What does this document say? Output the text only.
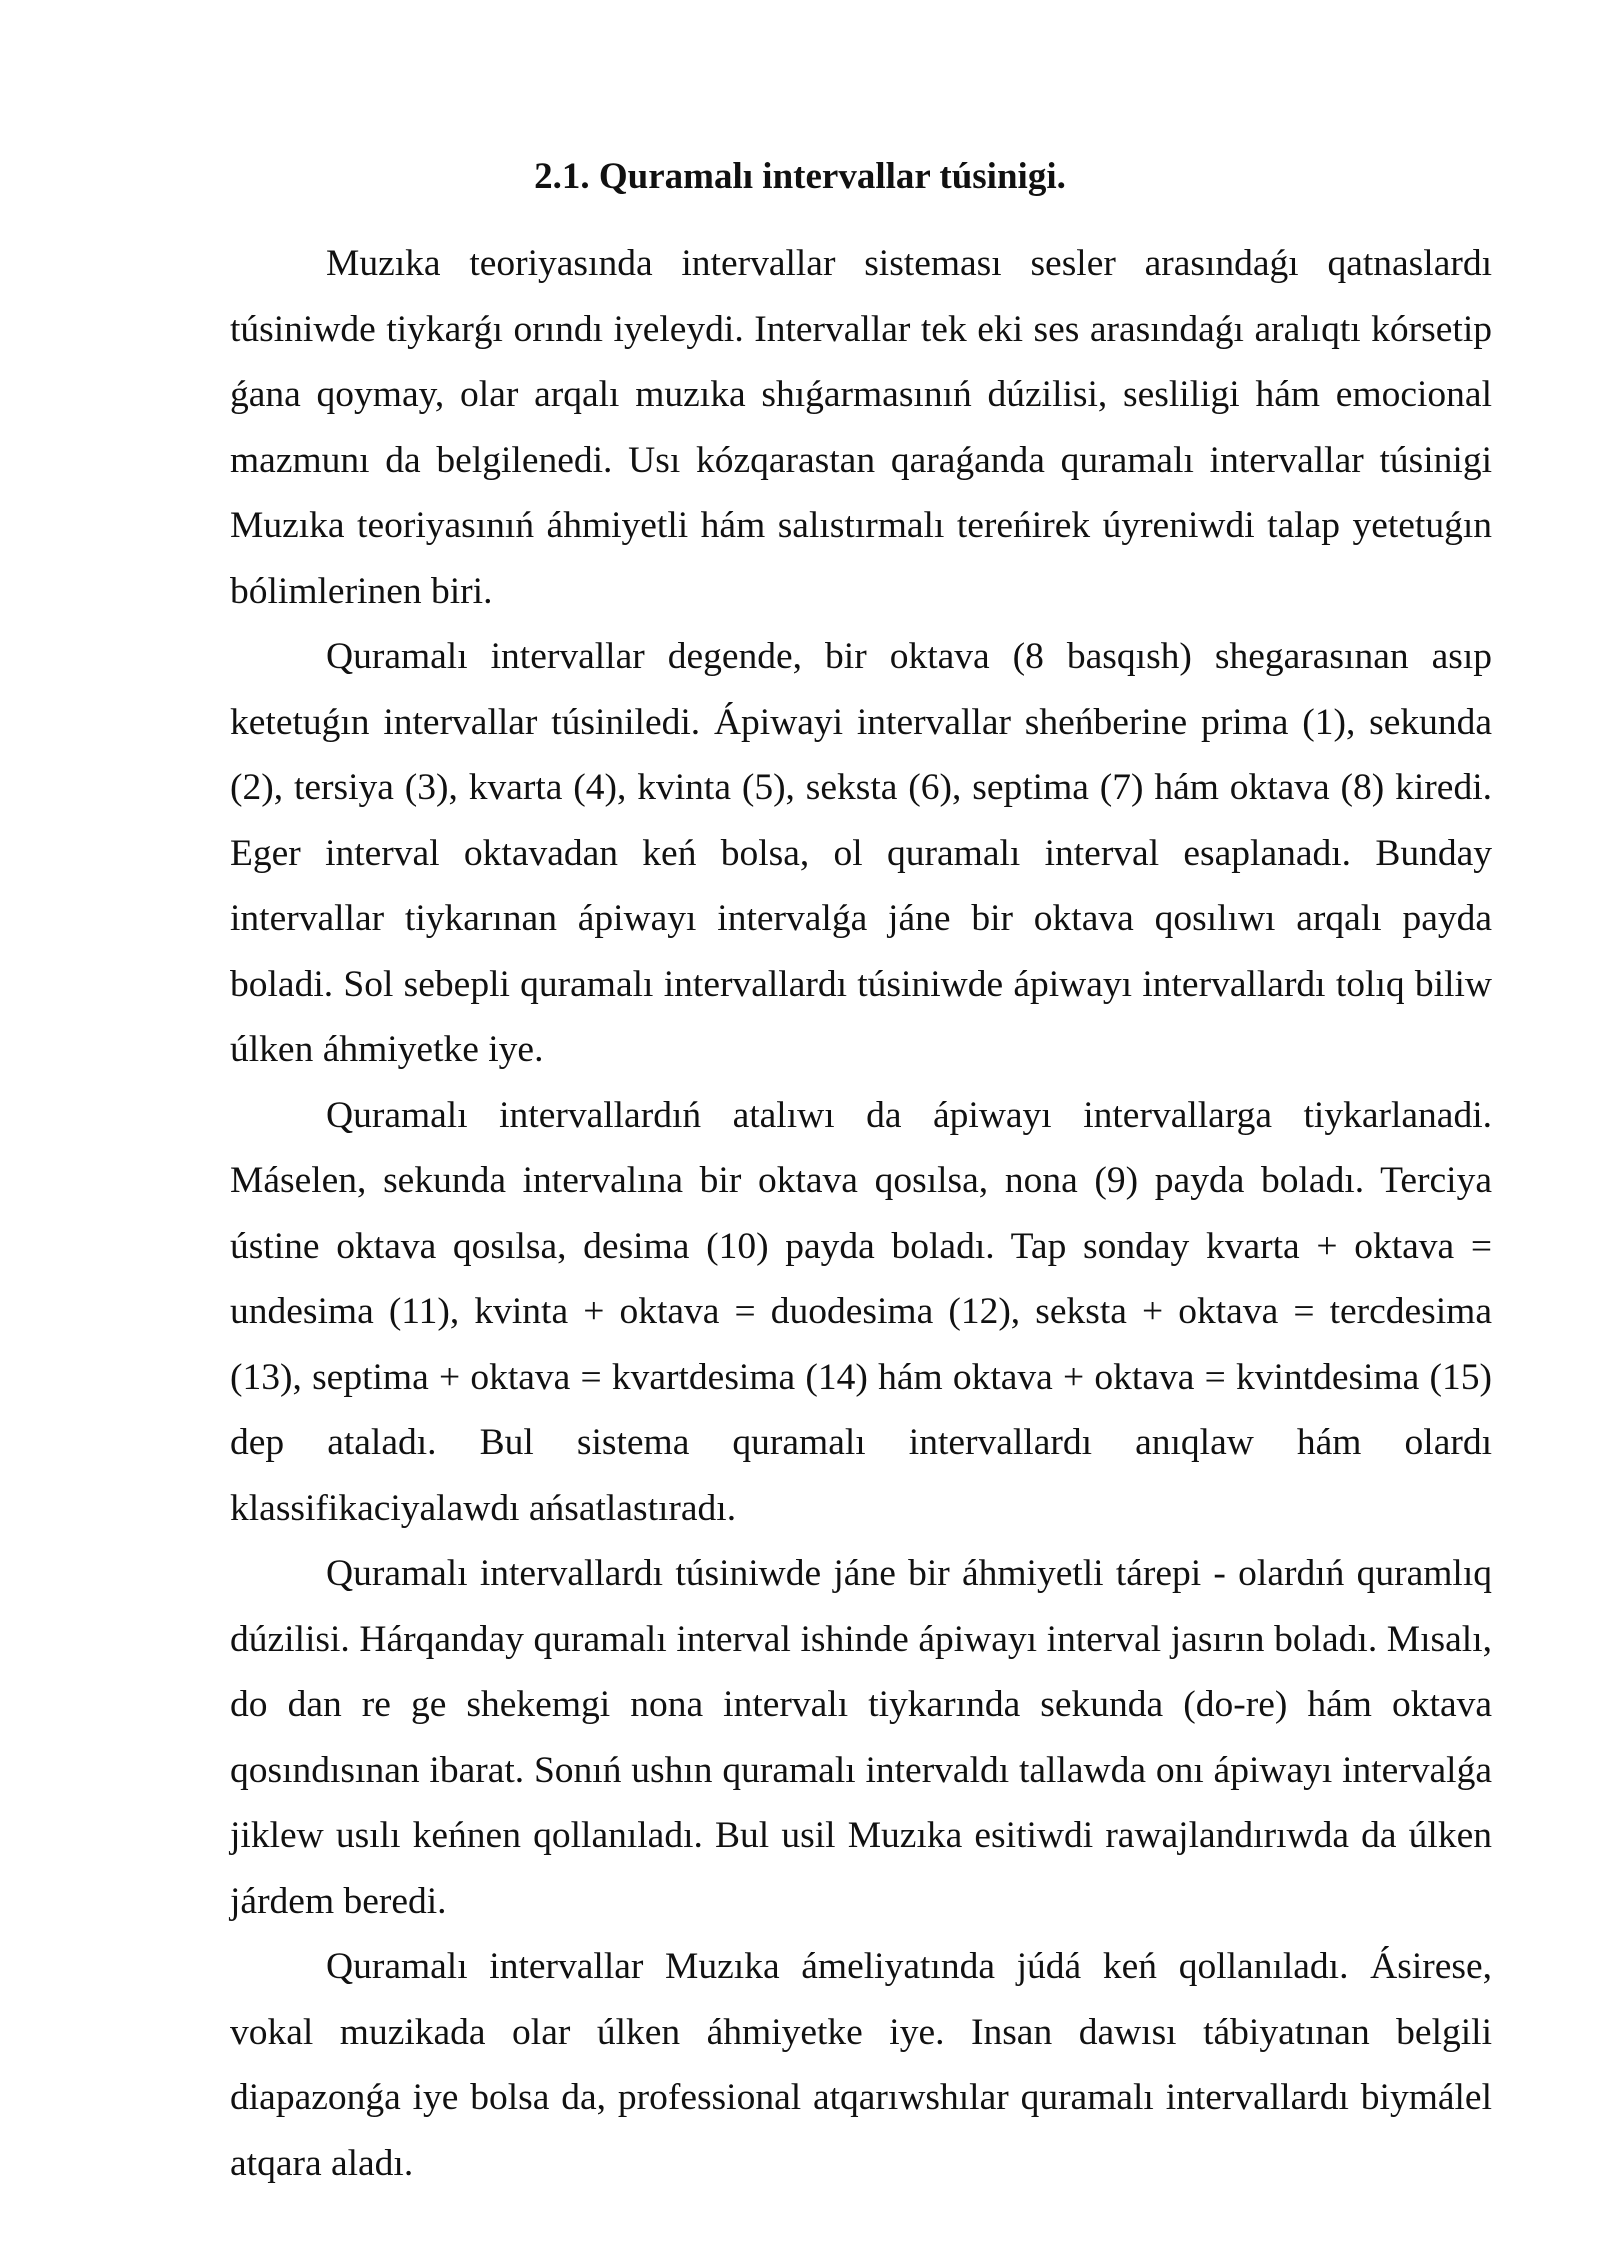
2.1. Quramalı intervallar túsinigi.

Muzıka teoriyasında intervallar sisteması sesler arasındaǵı qatnaslardı túsiniwde tiykarǵı orındı iyeleydi. Intervallar tek eki ses arasındaǵı aralıqtı kórsetip ǵana qoymay, olar arqalı muzıka shıǵarmasınıń dúzilisi, sesliligi hám emocional mazmunı da belgilenedi. Usı kózqarastan qaraǵanda quramalı intervallar túsinigi Muzıka teoriyasınıń áhmiyetli hám salıstırmalı tereńirek úyreniwdi talap yetetuǵın bólimlerinen biri.

Quramalı intervallar degende, bir oktava (8 basqısh) shegarasınan asıp ketetuǵın intervallar túsiniledi. Ápiwayi intervallar sheńberine prima (1), sekunda (2), tersiya (3), kvarta (4), kvinta (5), seksta (6), septima (7) hám oktava (8) kiredi. Eger interval oktavadan keń bolsa, ol quramalı interval esaplanadı. Bunday intervallar tiykarınan ápiwayı intervalǵa jáne bir oktava qosılıwı arqalı payda boladi. Sol sebepli quramalı intervallardı túsiniwde ápiwayı intervallardı tolıq biliw úlken áhmiyetke iye.

Quramalı intervallardıń atalıwı da ápiwayı intervallarga tiykarlanadi. Máselen, sekunda intervalına bir oktava qosılsa, nona (9) payda boladı. Terciya ústine oktava qosılsa, desima (10) payda boladı. Tap sonday kvarta + oktava = undesima (11), kvinta + oktava = duodesima (12), seksta + oktava = tercdesima (13), septima + oktava = kvartdesima (14) hám oktava + oktava = kvintdesima (15) dep ataladı. Bul sistema quramalı intervallardı anıqlaw hám olardı klassifikaciyalawdı ańsatlastıradı.

Quramalı intervallardı túsiniwde jáne bir áhmiyetli tárepi - olardıń quramlıq dúzilisi. Hárqanday quramalı interval ishinde ápiwayı interval jasırın boladı. Mısalı, do dan re ge shekemgi nona intervalı tiykarında sekunda (do-re) hám oktava qosındısınan ibarat. Sonıń ushın quramalı intervaldı tallawda onı ápiwayı intervalǵa jiklew usılı keńnen qollanıladı. Bul usil Muzıka esitiwdi rawajlandırıwda da úlken járdem beredi.

Quramalı intervallar Muzıka ámeliyatında júdá keń qollanıladı. Ásirese, vokal muzikada olar úlken áhmiyetke iye. Insan dawısı tábiyatınan belgili diapazonǵa iye bolsa da, professional atqarıwshılar quramalı intervallardı biymálel atqara aladı.
